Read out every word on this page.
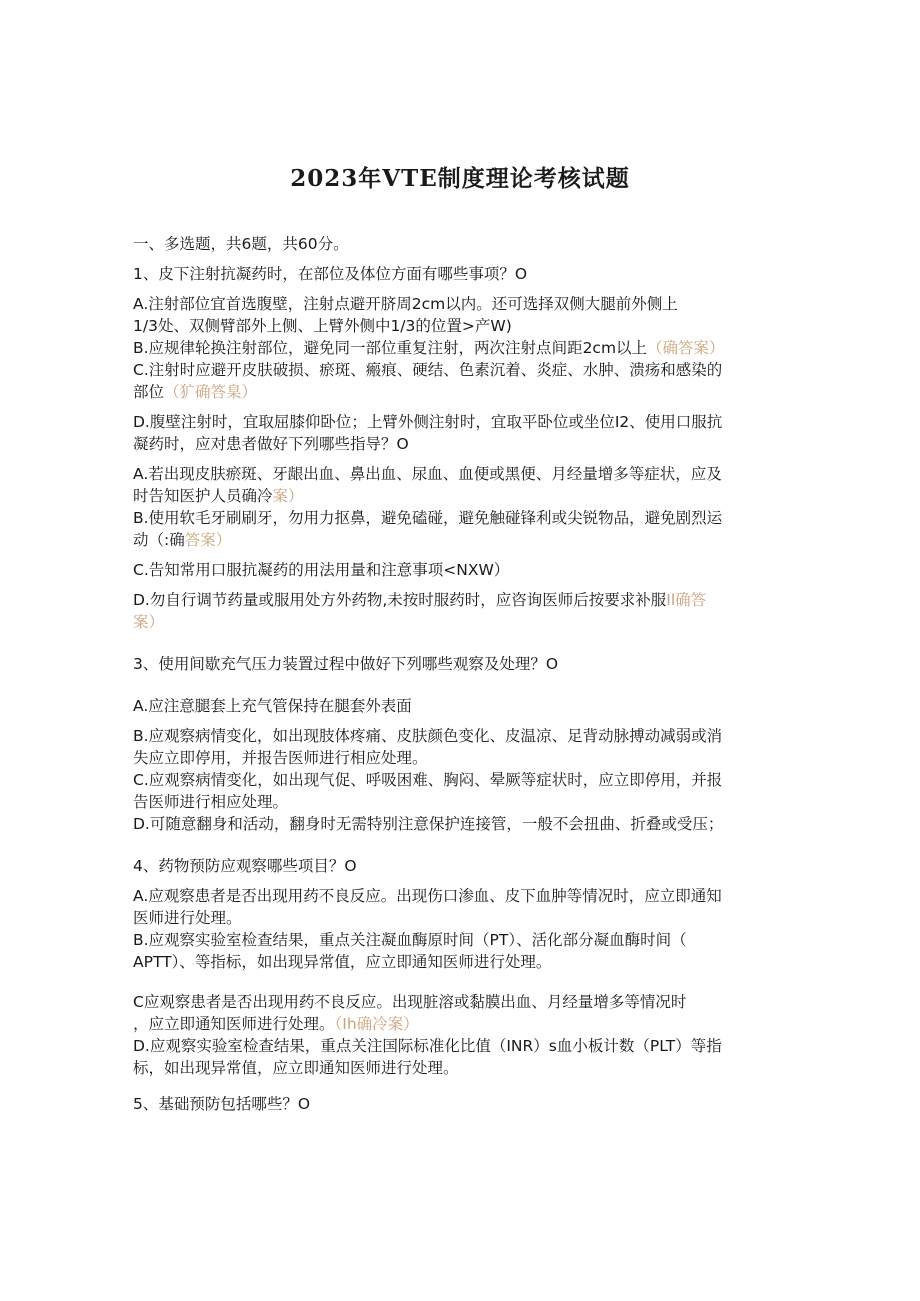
2023年VTE制度理论考核试题
一、多选题，共6题，共60分。
1、皮下注射抗凝药时，在部位及体位方面有哪些事项？O
A.注射部位宜首选腹壁，注射点避开脐周2cm以内。还可选择双侧大腿前外侧上
1/3处、双侧臂部外上侧、上臂外侧中1/3的位置>产W)
B.应规律轮换注射部位，避免同一部位重复注射，两次注射点间距2cm以上（确答案）
C.注射时应避开皮肤破损、瘀斑、瘢痕、硬结、色素沉着、炎症、水肿、溃疡和感染的
部位（犷确答臬）
D.腹壁注射时，宜取屈膝仰卧位；上臂外侧注射时，宜取平卧位或坐位I2、使用口服抗
凝药时，应对患者做好下列哪些指导？O
A.若出现皮肤瘀斑、牙龈出血、鼻出血、尿血、血便或黑便、月经量增多等症状，应及
时告知医护人员确冷案）
B.使用软毛牙刷刷牙，勿用力抠鼻，避免磕碰，避免触碰锋利或尖锐物品，避免剧烈运
动（:确答案）
C.告知常用口服抗凝药的用法用量和注意事项<NXW）
D.勿自行调节药量或服用处方外药物,未按时服药时，应咨询医师后按要求补服Il确答
案）
3、使用间歇充气压力装置过程中做好下列哪些观察及处理？O
A.应注意腿套上充气管保持在腿套外表面
B.应观察病情变化，如出现肢体疼痛、皮肤颜色变化、皮温凉、足背动脉搏动减弱或消
失应立即停用，并报告医师进行相应处理。
C.应观察病情变化，如出现气促、呼吸困难、胸闷、晕厥等症状时，应立即停用，并报
告医师进行相应处理。
D.可随意翻身和活动，翻身时无需特别注意保护连接管，一般不会扭曲、折叠或受压；
4、药物预防应观察哪些项目？O
A.应观察患者是否出现用药不良反应。出现伤口渗血、皮下血肿等情况时，应立即通知
医师进行处理。
B.应观察实验室检查结果，重点关注凝血酶原时间（PT）、活化部分凝血酶时间（
APTT）、等指标，如出现异常值，应立即通知医师进行处理。
C应观察患者是否出现用药不良反应。出现脏溶或黏膜出血、月经量增多等情况时
，应立即通知医师进行处理。（Ih确冷案）
D.应观察实验室检查结果，重点关注国际标准化比值（INR）s血小板计数（PLT）等指
标，如出现异常值，应立即通知医师进行处理。
5、基础预防包括哪些？O
